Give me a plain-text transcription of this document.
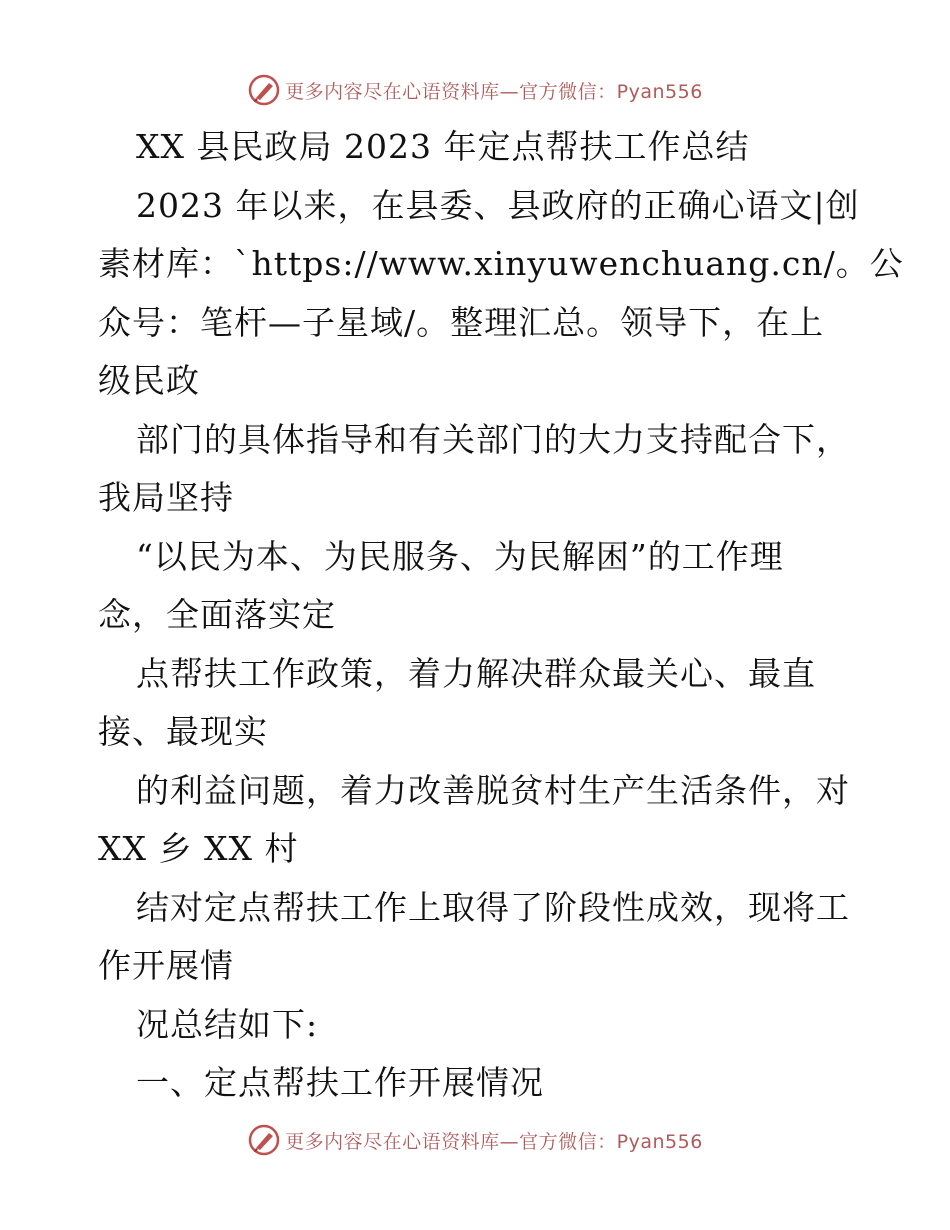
更多内容尽在心语资料库—官方微信：Pyan556
XX 县民政局 2023 年定点帮扶工作总结
2023 年以来，在县委、县政府的正确心语文|创
素材库：`https://www.xinyuwenchuang.cn/。公
众号：笔杆—子星域/。整理汇总。领导下，在上
级民政
部门的具体指导和有关部门的大力支持配合下，
我局坚持
“以民为本、为民服务、为民解困”的工作理
念，全面落实定
点帮扶工作政策，着力解决群众最关心、最直
接、最现实
的利益问题，着力改善脱贫村生产生活条件，对
XX 乡 XX 村
结对定点帮扶工作上取得了阶段性成效，现将工
作开展情
况总结如下:
一、定点帮扶工作开展情况
更多内容尽在心语资料库—官方微信：Pyan556
